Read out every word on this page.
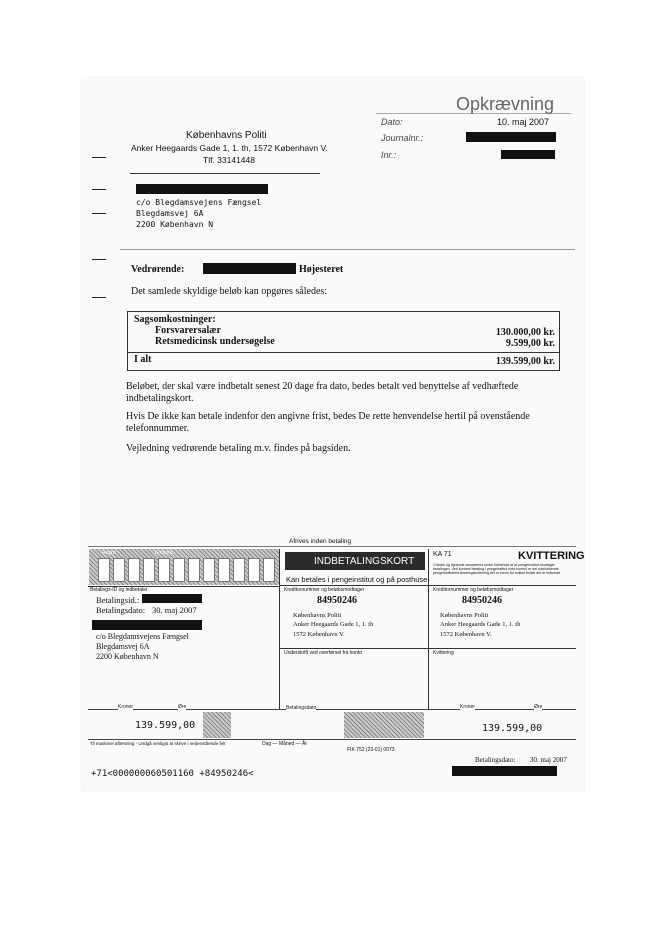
Opkrævning
Dato:	10. maj 2007
Journalnr.:
Inr.:
Københavns Politi
Anker Heegaards Gade 1, 1. th, 1572 København V.
Tlf. 33141448
c/o Blegdamsvejens Fængsel
Blegdamsvej 6A
2200 København N
Vedrørende:	, Højesteret
Det samlede skyldige beløb kan opgøres således:
Sagsomkostninger:
Forsvarersalær	130.000,00 kr.
Retsmedicinsk undersøgelse	9.599,00 kr.
I alt	139.599,00 kr.
Beløbet, der skal være indbetalt senest 20 dage fra dato, bedes betalt ved benyttelse af vedhæftede
indbetalingskort.
Hvis De ikke kan betale indenfor den angivne frist, bedes De rette henvendelse hertil på ovenstående
telefonnummer.
Vejledning vedrørende betaling m.v. findes på bagsiden.
Afrives inden betaling
Regnr.	Kontonr.
Betalings-ID og indbetaler
Betalingsid.:
Betalingsdato: 30. maj 2007
c/o Blegdamsvejens Fængsel
Blegdamsvej 6A
2200 København N
Kroner	Øre
139.599,00
Til maskinel aflæsning - Undgå venligst at skrive i nedenstående felt
INDBETALINGSKORT
Kan betales i pengeinstitut og på posthuse
Kreditornummer og beløbsmodtager
84950246
Københavns Politi
Anker Heegaards Gade 1, 1. th
1572 København V.
Underskrift ved overførsel fra konto
Betalingsdato
Dag — Måned — År
FIK 752 (23-01) 0073
KA 71	KVITTERING
Checks og lignende accepteres under forbehold af at pengeinstitut modtager betalingen. Ved kontant betaling i pengeinstitut med kontrol er det udelukkende pengeinstituttets betalingskvittering der er bevis for hvilket beløb der er indbetalt.
Kreditornummer og beløbsmodtager
84950246
Københavns Politi
Anker Heegaards Gade 1, 1. th
1572 København V.
Kvittering
Kroner	Øre
139.599,00
Betalingsdato: 30. maj 2007
+71<000000060501160 +84950246<
